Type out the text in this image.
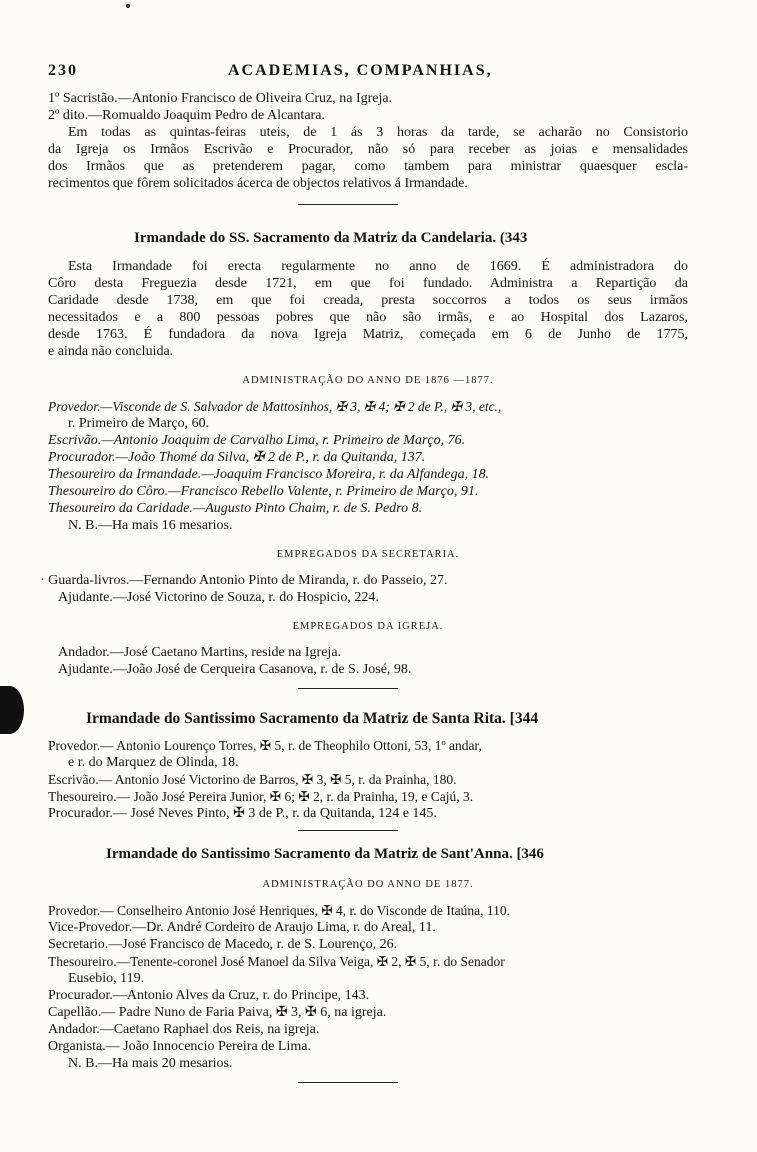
230	ACADEMIAS, COMPANHIAS,

1º Sacristão.—Antonio Francisco de Oliveira Cruz, na Igreja.

2º dito.—Romualdo Joaquim Pedro de Alcantara.

Em todas as quintas-feiras uteis, de 1 ás 3 horas da tarde, se acharão no Consistorio

da Igreja os Irmãos Escrivão e Procurador, não só para receber as joias e mensalidades

dos Irmãos que as pretenderem pagar, como tambem para ministrar quaesquer escla-

recimentos que fôrem solicitados ácerca de objectos relativos á Irmandade.

Irmandade do SS. Sacramento da Matriz da Candelaria. (343

Esta Irmandade foi erecta regularmente no anno de 1669. É administradora do

Côro desta Freguezia desde 1721, em que foi fundado. Administra a Repartição da

Caridade desde 1738, em que foi creada, presta soccorros a todos os seus irmãos

necessitados e a 800 pessoas pobres que não são irmãs, e ao Hospital dos Lazaros,

desde 1763. É fundadora da nova Igreja Matriz, começada em 6 de Junho de 1775,

e ainda não concluida.

ADMINISTRAÇÃO DO ANNO DE 1876 —1877.

Provedor.—Visconde de S. Salvador de Mattosinhos, ✠ 3, ✠ 4; ✠ 2 de P., ✠ 3, etc.,

r. Primeiro de Março, 60.

Escrivão.—Antonio Joaquim de Carvalho Lima, r. Primeiro de Março, 76.

Procurador.—João Thomé da Silva, ✠ 2 de P., r. da Quitanda, 137.

Thesoureiro da Irmandade.—Joaquim Francisco Moreira, r. da Alfandega, 18.

Thesoureiro do Côro.—Francisco Rebello Valente, r. Primeiro de Março, 91.

Thesoureiro da Caridade.—Augusto Pinto Chaim, r. de S. Pedro 8.

N. B.—Ha mais 16 mesarios.

EMPREGADOS DA SECRETARIA.

· Guarda-livros.—Fernando Antonio Pinto de Miranda, r. do Passeio, 27.

Ajudante.—José Victorino de Souza, r. do Hospicio, 224.

EMPREGADOS DA IGREJA.

Andador.—José Caetano Martins, reside na Igreja.

Ajudante.—João José de Cerqueira Casanova, r. de S. José, 98.

Irmandade do Santissimo Sacramento da Matriz de Santa Rita. [344

Provedor.— Antonio Lourenço Torres, ✠ 5, r. de Theophilo Ottoni, 53, 1º andar,

e r. do Marquez de Olinda, 18.

Escrivão.— Antonio José Victorino de Barros, ✠ 3, ✠ 5, r. da Prainha, 180.

Thesoureiro.— João José Pereira Junior, ✠ 6; ✠ 2, r. da Prainha, 19, e Cajú, 3.

Procurador.— José Neves Pinto, ✠ 3 de P., r. da Quitanda, 124 e 145.

Irmandade do Santissimo Sacramento da Matriz de Sant'Anna. [346

ADMINISTRAÇÃO DO ANNO DE 1877.

Provedor.— Conselheiro Antonio José Henriques, ✠ 4, r. do Visconde de Itaúna, 110.

Vice-Provedor.—Dr. André Cordeiro de Araujo Lima, r. do Areal, 11.

Secretario.—José Francisco de Macedo, r. de S. Lourenço, 26.

Thesoureiro.—Tenente-coronel José Manoel da Silva Veiga, ✠ 2, ✠ 5, r. do Senador

Eusebio, 119.

Procurador.—Antonio Alves da Cruz, r. do Principe, 143.

Capellão.— Padre Nuno de Faria Paiva, ✠ 3, ✠ 6, na igreja.

Andador.—Caetano Raphael dos Reis, na igreja.

Organista.— João Innocencio Pereira de Lima.

N. B.—Ha mais 20 mesarios.
